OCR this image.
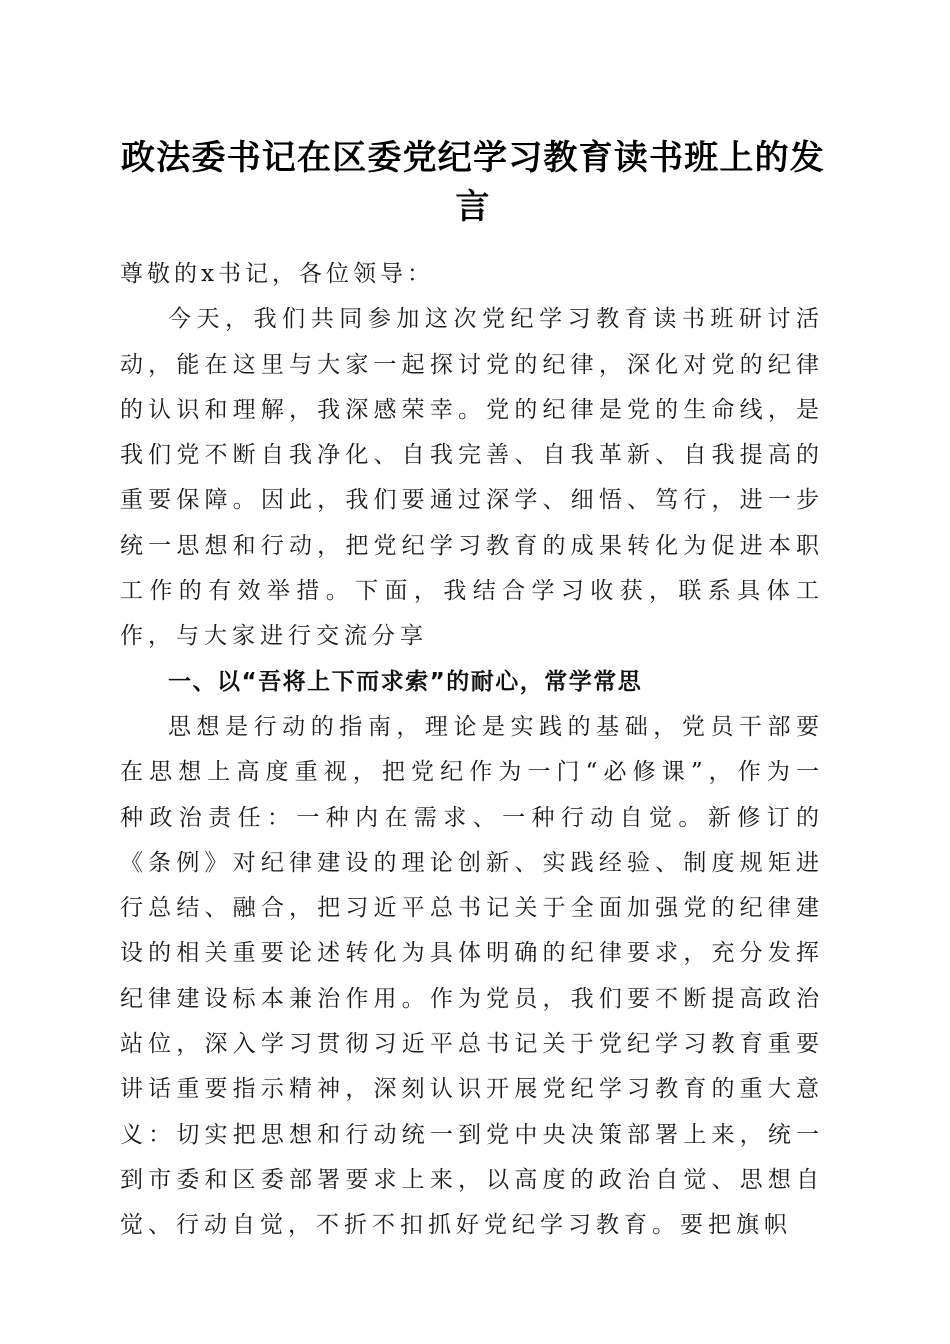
政法委书记在区委党纪学习教育读书班上的发言

尊敬的x书记，各位领导：

今天，我们共同参加这次党纪学习教育读书班研讨活动，能在这里与大家一起探讨党的纪律，深化对党的纪律的认识和理解，我深感荣幸。党的纪律是党的生命线，是我们党不断自我净化、自我完善、自我革新、自我提高的重要保障。因此，我们要通过深学、细悟、笃行，进一步统一思想和行动，把党纪学习教育的成果转化为促进本职工作的有效举措。下面，我结合学习收获，联系具体工作，与大家进行交流分享

一、以“吾将上下而求索”的耐心，常学常思

思想是行动的指南，理论是实践的基础，党员干部要在思想上高度重视，把党纪作为一门“必修课”，作为一种政治责任：一种内在需求、一种行动自觉。新修订的《条例》对纪律建设的理论创新、实践经验、制度规矩进行总结、融合，把习近平总书记关于全面加强党的纪律建设的相关重要论述转化为具体明确的纪律要求，充分发挥纪律建设标本兼治作用。作为党员，我们要不断提高政治站位，深入学习贯彻习近平总书记关于党纪学习教育重要讲话重要指示精神，深刻认识开展党纪学习教育的重大意义：切实把思想和行动统一到党中央决策部署上来，统一到市委和区委部署要求上来，以高度的政治自觉、思想自觉、行动自觉，不折不扣抓好党纪学习教育。要把旗帜
